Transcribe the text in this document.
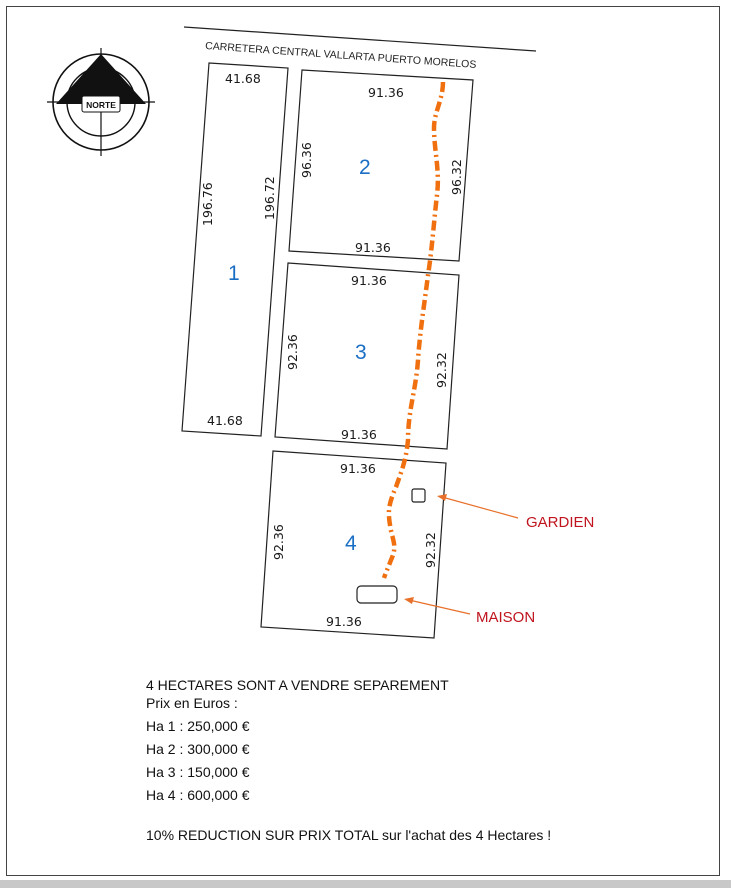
CARRETERA CENTRAL VALLARTA PUERTO MORELOS
NORTE
41.68
196.72
41.68
196.76
1
91.36
96.32
91.36
96.36 2
91.36
92.32
91.36
92.36	3
91.36
92.32
91.36
92.36	4
GARDIEN
MAISON
4 HECTARES SONT A VENDRE SEPAREMENT
Prix en Euros :
Ha 1 : 250,000 €
Ha 2 : 300,000 €
Ha 3 : 150,000 €
Ha 4 : 600,000 €
10% REDUCTION SUR PRIX TOTAL sur l'achat des 4 Hectares !
